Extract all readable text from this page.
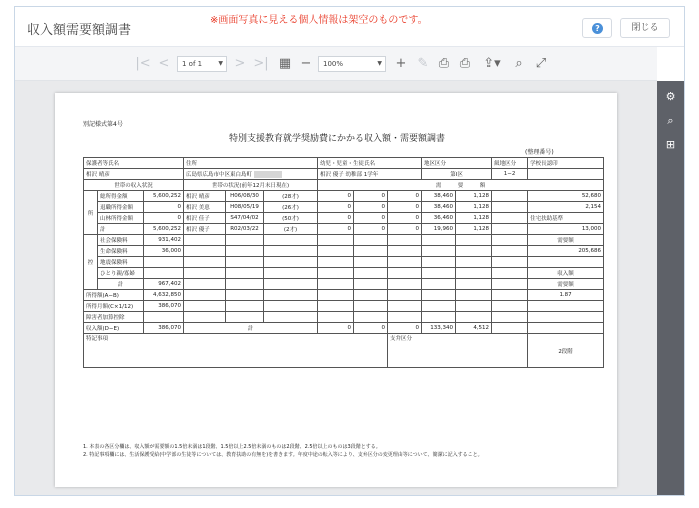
収入額需要額調書
※画面写真に見える個人情報は架空のものです。
?	閉じる
|< <	1 of 1	▼ > >| ▦ −	100%	▼ + ✎ ⎙ ⎙ ⇪▾	⌕	⤢
別記様式第4号
特別支援教育就学奨励費にかかる収入額・需要額調書
(整理番号)
保護者等氏名			住所			幼児・児童・生徒氏名			地区区分		級地区分	学校長認印
相沢 晴彦			広島県広島市中区東白島町			相沢 優子 幼稚部 1学年			第I区		1−2	
世帯の収入状況			世帯の状況(前年12月末日現在)			需　　　要　　　額						
所	総所得金額	5,600,252	相沢 晴彦	H06/08/30	(28才)	0	0	0	38,460	1,128		52,680
	退職所得金額	0	相沢 美恵	H08/05/19	(26才)	0	0	0	38,460	1,128		2,154
	山林所得金額	0	相沢 佳子	S47/04/02	(50才)	0	0	0	36,460	1,128		住宅扶助基準
	計	5,600,252	相沢 優子	R02/03/22	(2才)	0	0	0	19,960	1,128		13,000
控	社会保険料	931,402										需要額
	生命保険料	36,000										205,686
	地震保険料											
	ひとり親/寡婦											収入額
	計	967,402										需要額
所得額(A−B)		4,632,850										1.87
所得月額(C×1/12)		386,070										
障害者加算控除												
収入額(D−E)		386,070	計			0	0	0	133,340	4,512		
特記事項								支弁区分				2段階
1. 本表の各区分欄は、収入額が需要額の1.5倍未満は1段階、1.5倍以上2.5倍未満のものは2段階、2.5倍以上のものは3段階とする。
2. 特記事項欄には、生活保護受給(中学部の生徒等については、教育扶助の有無を)を書きます。年度中途の転入等により、支弁区分の変更理由等について、簡潔に記入すること。
⚙
⌕
⊞
